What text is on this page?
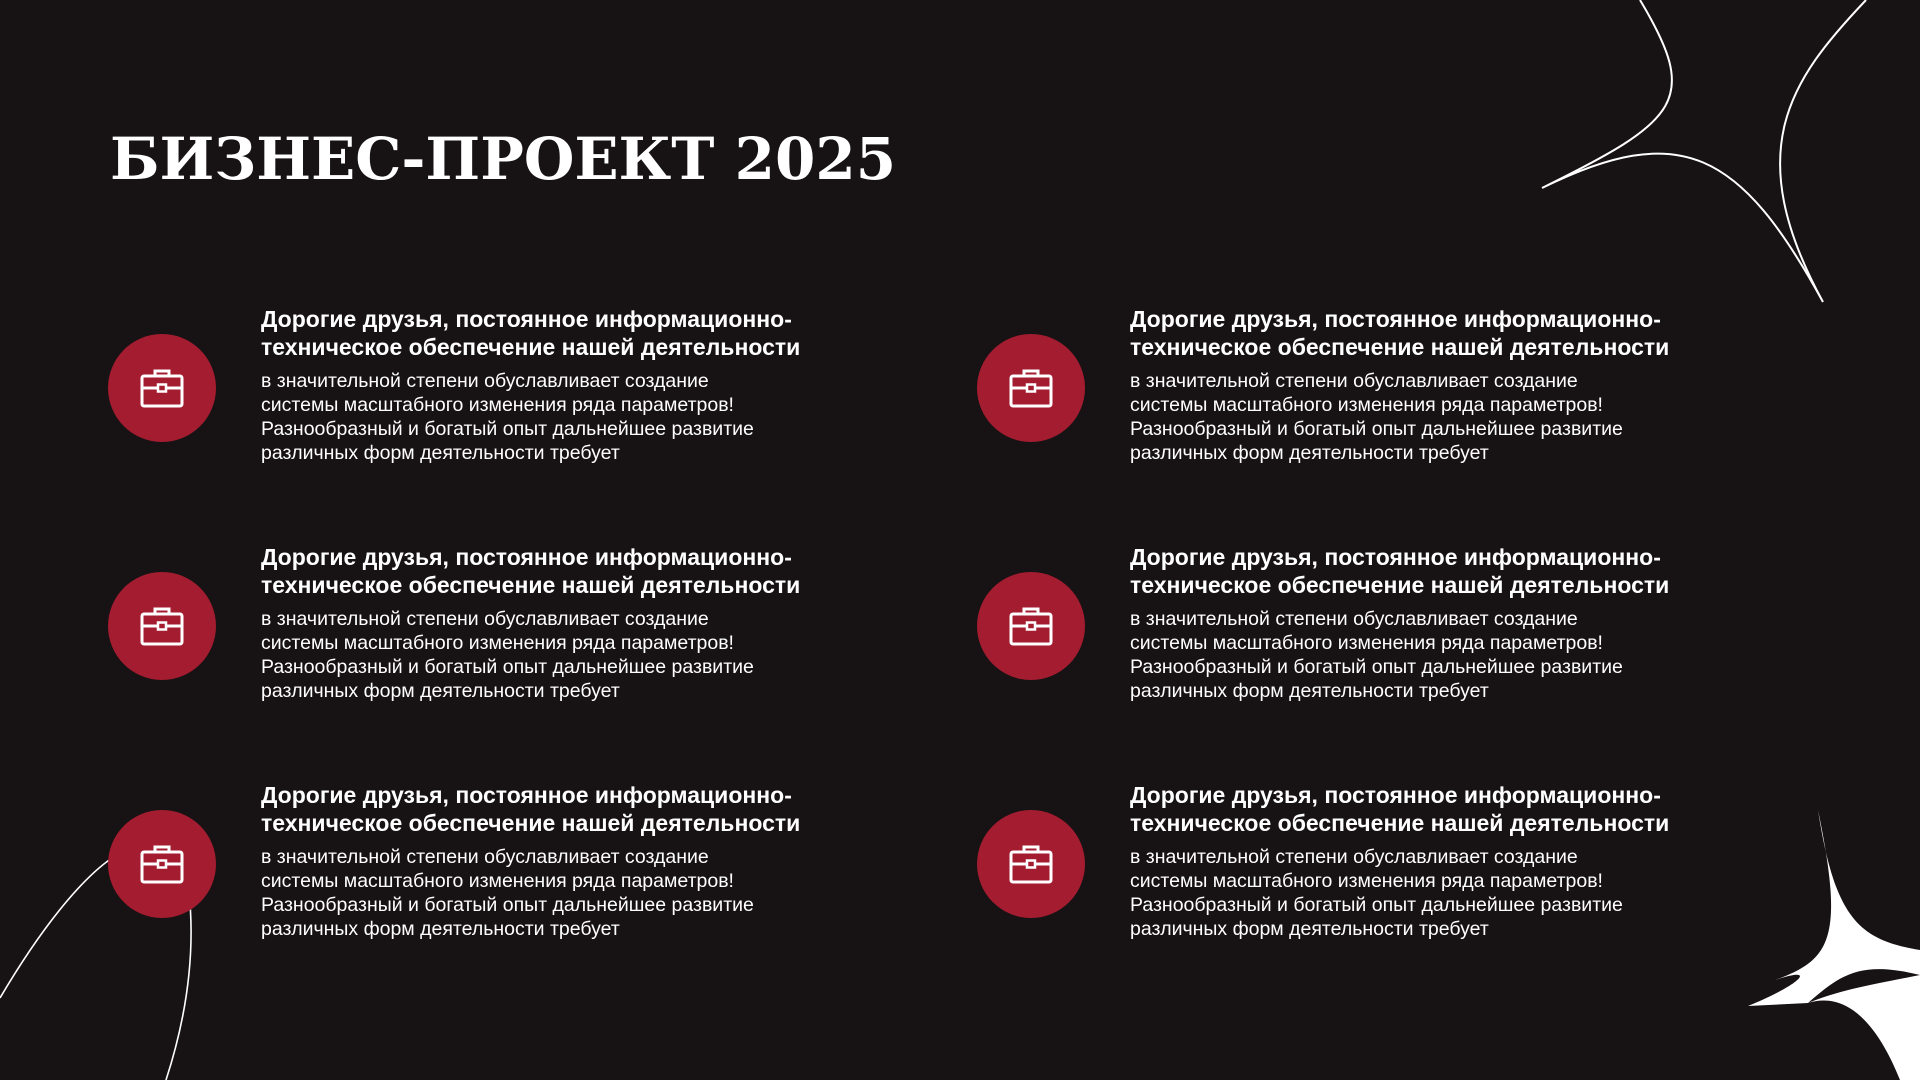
БИЗНЕС-ПРОЕКТ 2025

Дорогие друзья, постоянное информационно-
техническое обеспечение нашей деятельности

в значительной степени обуславливает создание
системы масштабного изменения ряда параметров!
Разнообразный и богатый опыт дальнейшее развитие
различных форм деятельности требует

Дорогие друзья, постоянное информационно-
техническое обеспечение нашей деятельности

в значительной степени обуславливает создание
системы масштабного изменения ряда параметров!
Разнообразный и богатый опыт дальнейшее развитие
различных форм деятельности требует

Дорогие друзья, постоянное информационно-
техническое обеспечение нашей деятельности

в значительной степени обуславливает создание
системы масштабного изменения ряда параметров!
Разнообразный и богатый опыт дальнейшее развитие
различных форм деятельности требует

Дорогие друзья, постоянное информационно-
техническое обеспечение нашей деятельности

в значительной степени обуславливает создание
системы масштабного изменения ряда параметров!
Разнообразный и богатый опыт дальнейшее развитие
различных форм деятельности требует

Дорогие друзья, постоянное информационно-
техническое обеспечение нашей деятельности

в значительной степени обуславливает создание
системы масштабного изменения ряда параметров!
Разнообразный и богатый опыт дальнейшее развитие
различных форм деятельности требует

Дорогие друзья, постоянное информационно-
техническое обеспечение нашей деятельности

в значительной степени обуславливает создание
системы масштабного изменения ряда параметров!
Разнообразный и богатый опыт дальнейшее развитие
различных форм деятельности требует
